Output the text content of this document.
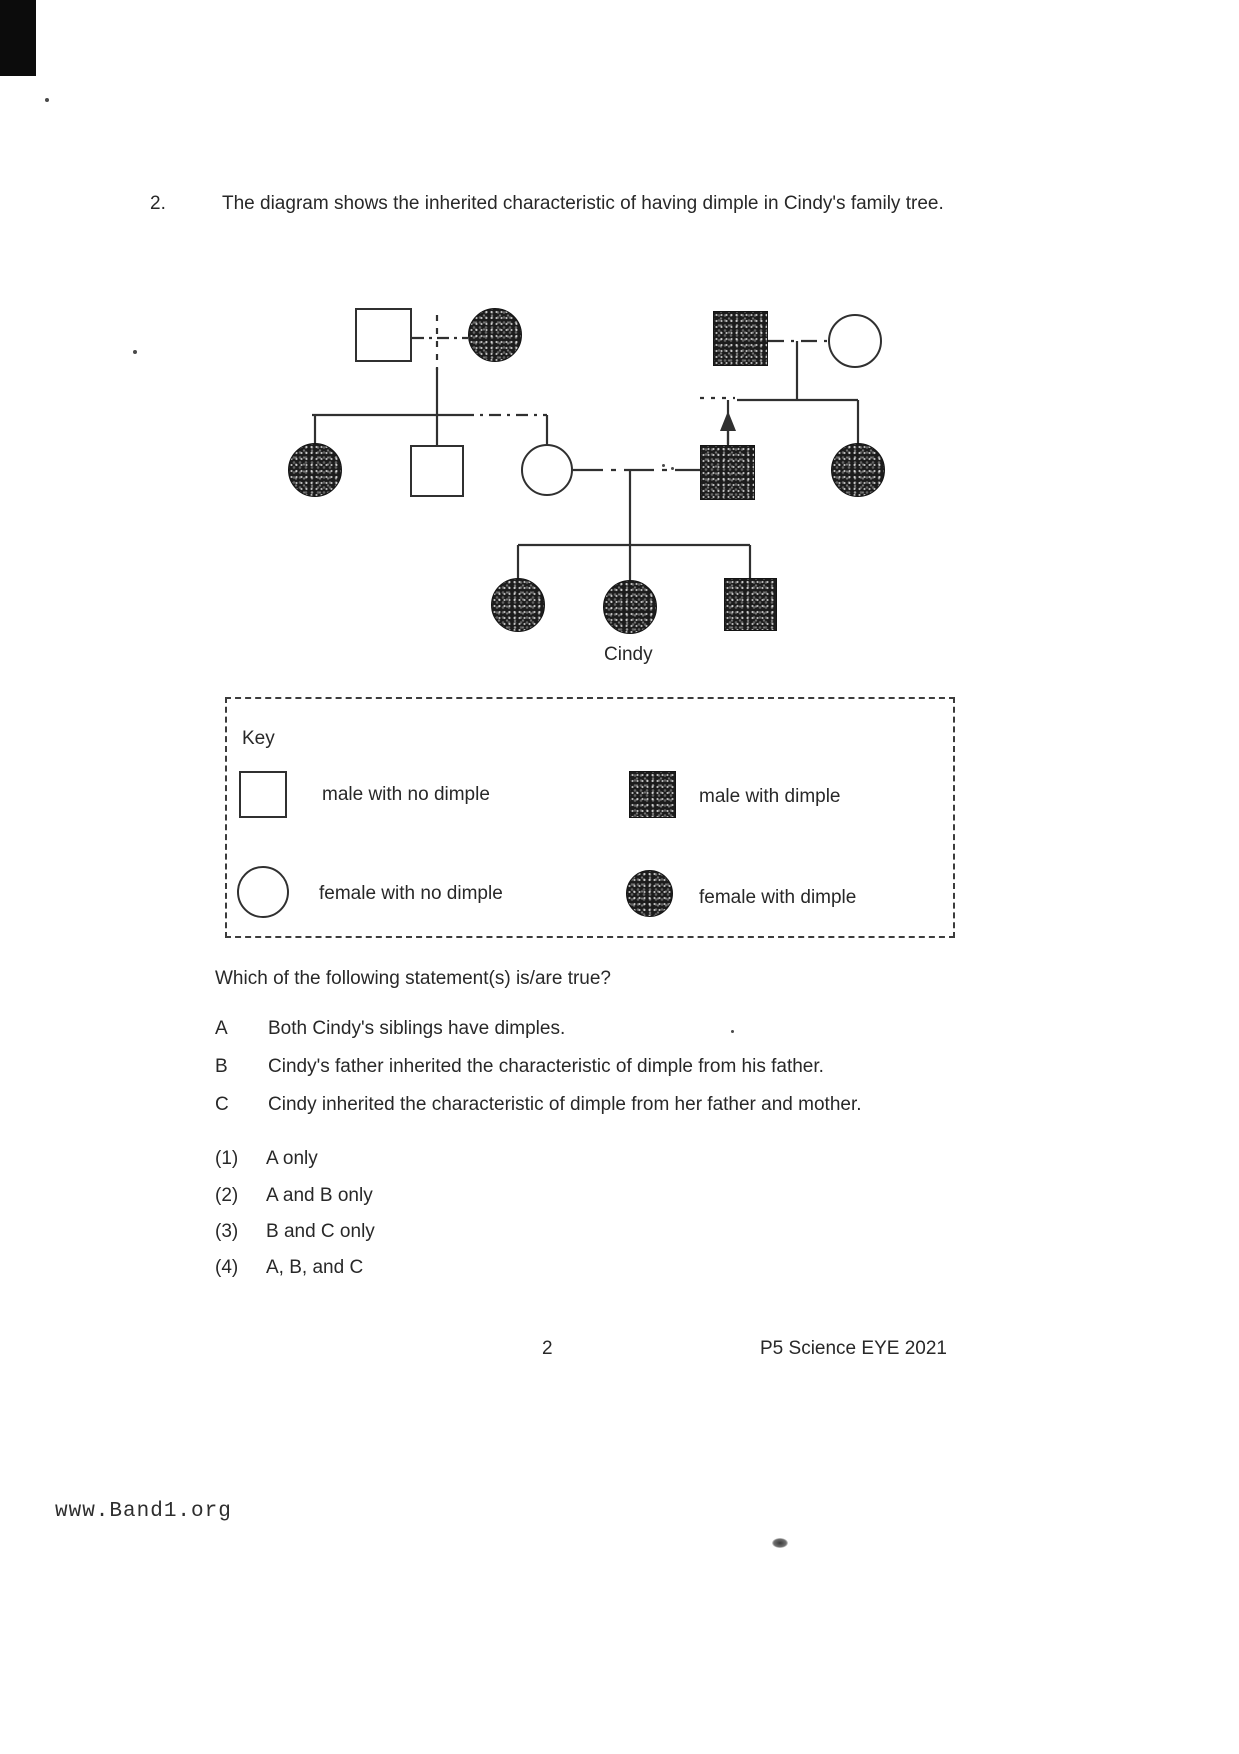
2.	The diagram shows the inherited characteristic of having dimple in Cindy's family tree.
Cindy
Key
male with no dimple	male with dimple
female with no dimple	female with dimple
Which of the following statement(s) is/are true?
A Both Cindy's siblings have dimples.
B Cindy's father inherited the characteristic of dimple from his father.
C Cindy inherited the characteristic of dimple from her father and mother.
(1) A only
(2) A and B only
(3) B and C only
(4) A, B, and C
2	P5 Science EYE 2021
www.Band1.org
